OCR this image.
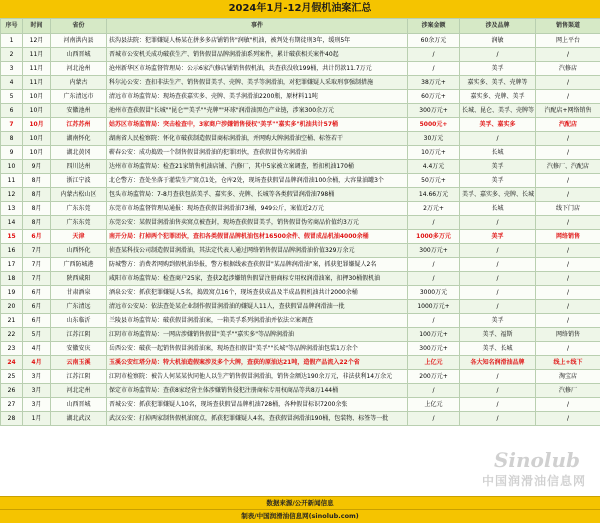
2024年1月-12月假机油案汇总
序号	时间	省份	事件	涉案金额	涉及品牌	销售渠道
1	12月	河南洪内县	扶沟县法院：犯罪嫌疑人杨某在拼多多店铺销售"润敏"机油，被判处有期徒刑3年，缓刑5年	60余万元	润敏	网上平台
2	11月	山西晋城	晋城市公安机关成功破获生产、销售假冒品牌润滑油系列案件，累计破获相关案件40起	/	/	/
3	11月	河北沧州	沧州新华区市场监督管理局：公示6家汽修店铺销售假机油，共查获没收199桶，共计罚款11.7万元	/	美孚	汽修店
4	11月	内蒙古	科尔沁公安：查扣非法生产、销售假冒美孚、壳牌、美孚等润滑油，对犯罪嫌疑人采取刑事强制措施	38万元+	嘉实多、美孚、壳牌等	/
5	10月	广东清远市	清远市市场监管局：现场查获嘉实多、壳牌、美孚润滑油2200瓶，原材料11吨	60万元+	嘉实多、壳牌、美孚	/
6	10月	安徽池州	池州市查获假冒"长城""昆仑""美孚""壳牌""环球"润滑油黑色产业链，涉案300余万元	300万元+	长城、昆仑、美孚、壳牌等	汽配店+网络销售
7	10月	江苏苏州	姑苏区市场监管局：突击检查中，3家商户涉嫌销售侵权"美孚""嘉实多"机油共计57桶	5000元+	美孚、嘉实多	汽配店
8	10月	湖南怀化	湖南省人民检察院：怀化市破获制造假冒商标润滑油，并网购大牌润滑油空桶、标签若干	30万元	/	/
9	10月	湖北黄冈	蕲春公安：成功捣毁一个制售假冒润滑油的犯罪团伙，查获假冒伪劣润滑油	10万元+	长城	/
10	9月	四川达州	达州市市场监管局：检查21家销售机油店铺、汽修厂，其中5家被立案调查，暂扣机油170桶	4.4万元	美孚	汽修厂、汽配店
11	8月	浙江宁波	北仑警方：查处坐落于灌装生产窝点1处，仓库2处，现场查获假冒品牌润滑油100余桶，大容量油罐3个	50万元+	美孚	/
12	8月	内蒙古松山区	包头市场监管局：7-8月查获包括美孚、嘉实多、壳牌、长城等各类假冒润滑油798桶	14.66万元	美孚、嘉实多、壳牌、长城	/
13	8月	广东东莞	东莞市市场监督管理局通报：现场查获假冒润滑油73桶，949公斤，案值近2万元	2万元+	长城	线下门店
14	8月	广东东莞	东莞公安：某假冒润滑油售卖窝点被查封，现场查获假冒美孚，销售假冒伪劣商品价值约3万元	/	/	/
15	6月	天津	南开分局：打掉两个犯罪团伙，查扣各类假冒品牌机油包材16500余件、假冒成品机油4000余桶	1000多万元	美孚	网络销售
16	7月	山西怀化	侦查某科技公司制造假冒润滑油，其法定代表人通过网络销售假冒品牌润滑油价值329万余元	300万元+	/	/
17	7月	广西防城港	防城警方：消费者网购到假机油举报，警方根据线索查获假冒"某品牌润滑油"案，抓获犯罪嫌疑人2名	/	/	/
18	7月	陕西咸阳	咸阳市市场监管局：检查商户25家，查获2起涉嫌销售假冒注册商标专用权润滑油案，扣押30桶假机油	/	/	/
19	6月	甘肃酒泉	酒泉公安：抓获犯罪嫌疑人5名，捣毁窝点16个，现场查获成品及半成品假机油共计2000余桶	3000万元	/	/
20	6月	广东清远	清远市公安局：依法查处某企业制作假冒润滑油的嫌疑人11人，查获假冒品牌润滑油一批	1000万元+	/	/
21	6月	山东临沂	兰陵县市场监管局：破获假冒润滑油案，一箱美孚系列润滑油并依法立案调查	/	美孚	/
22	5月	江苏江阴	江阴市市场监管局：一网店涉嫌销售假冒"美孚""嘉实多"等品牌润滑油	100万元+	美孚、福斯	网络销售
23	4月	安徽安庆	岳西公安：破获一起销售假冒润滑油案，现场查扣假冒"美孚""长城"等品牌润滑油包装1万余个	300万元+	美孚、长城	/
24	4月	云南玉溪	玉溪公安红塔分局：特大机油造假案涉及多个大牌，查获的原油达21吨，造假产品流入22个省	上亿元	各大知名润滑油品牌	线上+线下
25	3月	江苏江阴	江阴市检察院：被告人何某某伙同他人以生产销售假冒润滑油，销售金额达190余万元，非法获利14万余元	200万元+	/	淘宝店
26	3月	河北定州	保定市市场监管局：查获8家经营主体涉嫌销售侵犯注册商标专用权商品等共8万144桶	/	/	汽修厂
27	3月	山西晋城	晋城公安：抓获犯罪嫌疑人10名，现场查获假冒品牌机油728桶，各种假冒标识7200余张	上亿元	/	/
28	1月	湖北武汉	武汉公安：打掉两家制售假机油窝点，抓获犯罪嫌疑人4名，查获假冒润滑油190桶，包装物、标签等一批	/	/	/
Sinolub
中国润滑油信息网
数据来源/公开新闻信息
制表/中国润滑油信息网(sinolub.com)
